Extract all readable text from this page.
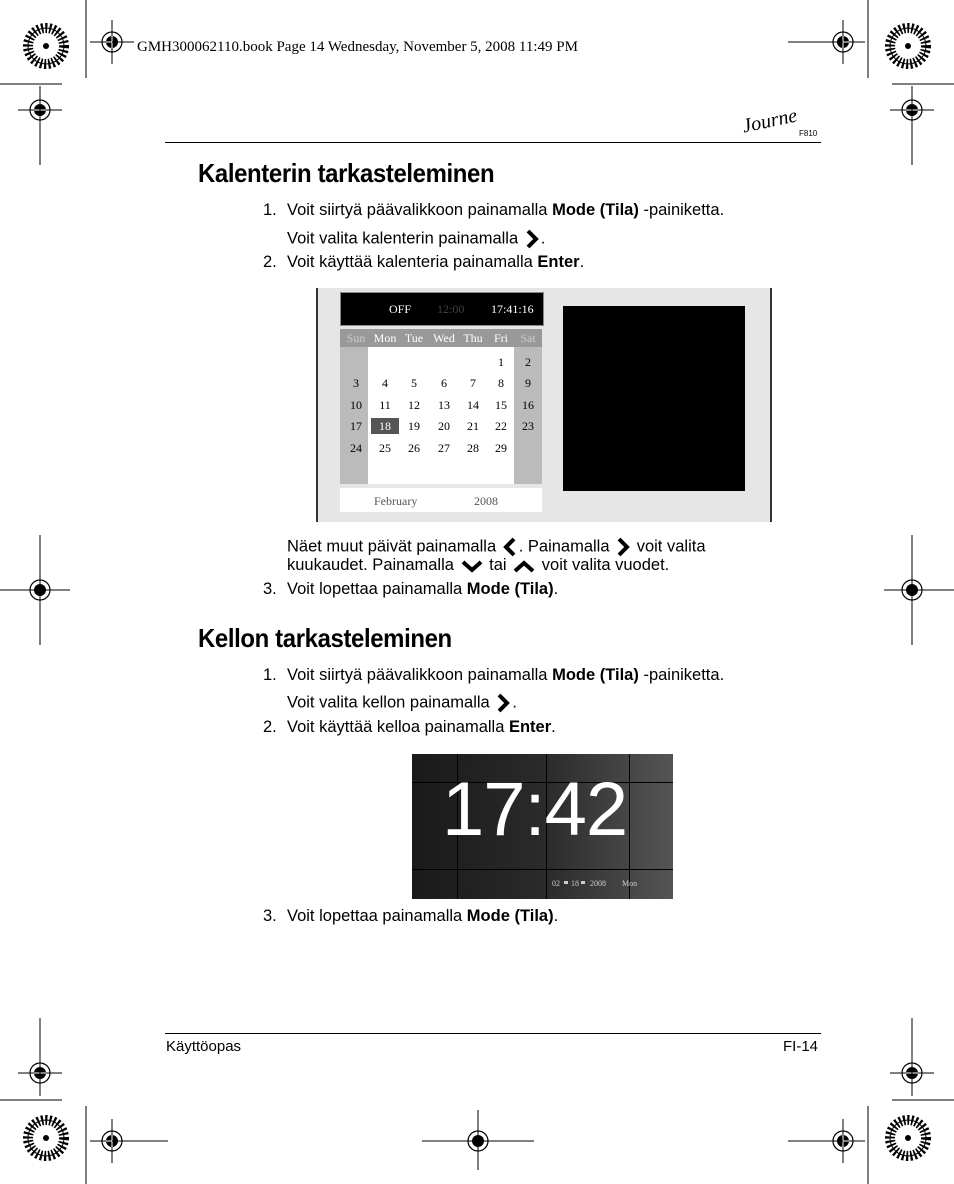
GMH300062110.book Page 14 Wednesday, November 5, 2008 11:49 PM
Journe F810
Kalenterin tarkasteleminen
1. Voit siirtyä päävalikkoon painamalla Mode (Tila) -painiketta.
Voit valita kalenterin painamalla .
2. Voit käyttää kalenteria painamalla Enter.
OFF 12:00 17:41:16
Sun Mon Tue Wed Thu Fri Sat
1 2
3 4 5 6 7 8 9
10 11 12 13 14 15 16
17 18 19 20 21 22 23
24 25 26 27 28 29
February	2008
Näet muut päivät painamalla . Painamalla voit valita
kuukaudet. Painamalla tai voit valita vuodet.
3. Voit lopettaa painamalla Mode (Tila).
Kellon tarkasteleminen
1. Voit siirtyä päävalikkoon painamalla Mode (Tila) -painiketta.
Voit valita kellon painamalla .
2. Voit käyttää kelloa painamalla Enter.
17:42
02 18 2008 Mon
3. Voit lopettaa painamalla Mode (Tila).
Käyttöopas	FI-14
